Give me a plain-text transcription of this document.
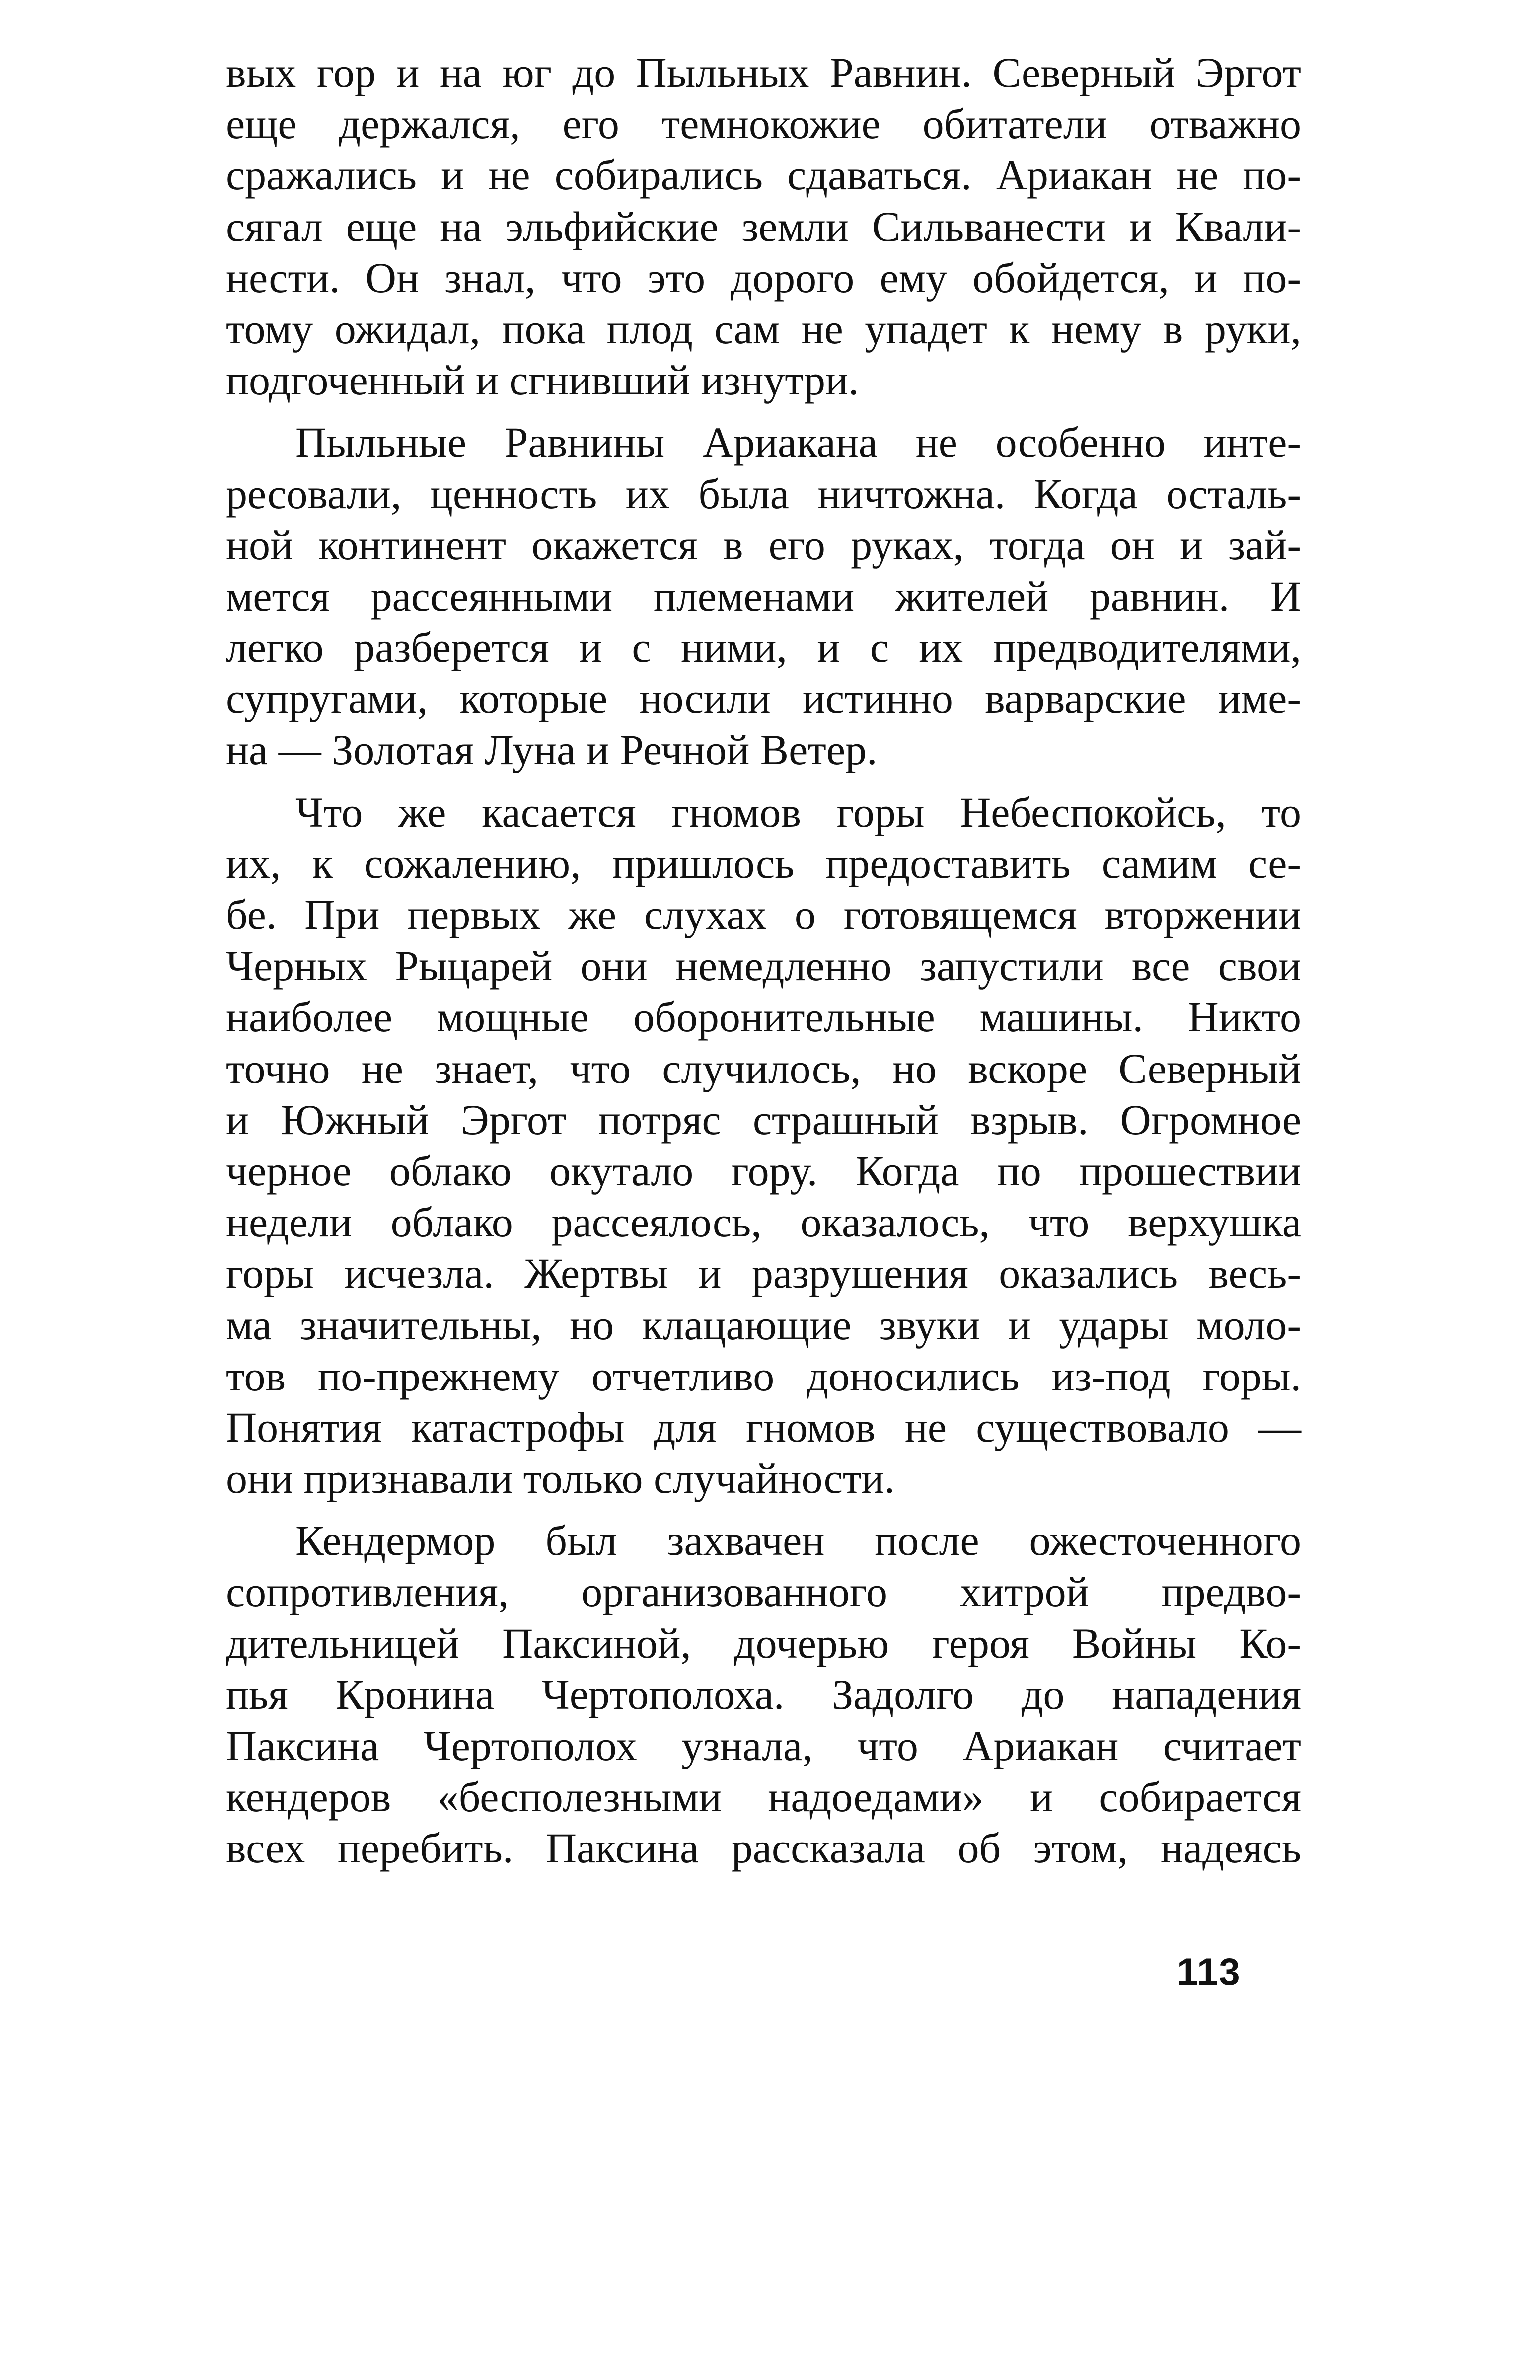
вых гор и на юг до Пыльных Равнин. Северный Эргот
еще держался, его темнокожие обитатели отважно
сражались и не собирались сдаваться. Ариакан не по-
сягал еще на эльфийские земли Сильванести и Квали-
нести. Он знал, что это дорого ему обойдется, и по-
тому ожидал, пока плод сам не упадет к нему в руки,
подгоченный и сгнивший изнутри.
Пыльные Равнины Ариакана не особенно инте-
ресовали, ценность их была ничтожна. Когда осталь-
ной континент окажется в его руках, тогда он и зай-
мется рассеянными племенами жителей равнин. И
легко разберется и с ними, и с их предводителями,
супругами, которые носили истинно варварские име-
на — Золотая Луна и Речной Ветер.
Что же касается гномов горы Небеспокойсь, то
их, к сожалению, пришлось предоставить самим се-
бе. При первых же слухах о готовящемся вторжении
Черных Рыцарей они немедленно запустили все свои
наиболее мощные оборонительные машины. Никто
точно не знает, что случилось, но вскоре Северный
и Южный Эргот потряс страшный взрыв. Огромное
черное облако окутало гору. Когда по прошествии
недели облако рассеялось, оказалось, что верхушка
горы исчезла. Жертвы и разрушения оказались весь-
ма значительны, но клацающие звуки и удары моло-
тов по-прежнему отчетливо доносились из-под горы.
Понятия катастрофы для гномов не существовало —
они признавали только случайности.
Кендермор был захвачен после ожесточенного
сопротивления, организованного хитрой предво-
дительницей Паксиной, дочерью героя Войны Ко-
пья Кронина Чертополоха. Задолго до нападения
Паксина Чертополох узнала, что Ариакан считает
кендеров «бесполезными надоедами» и собирается
всех перебить. Паксина рассказала об этом, надеясь
113
